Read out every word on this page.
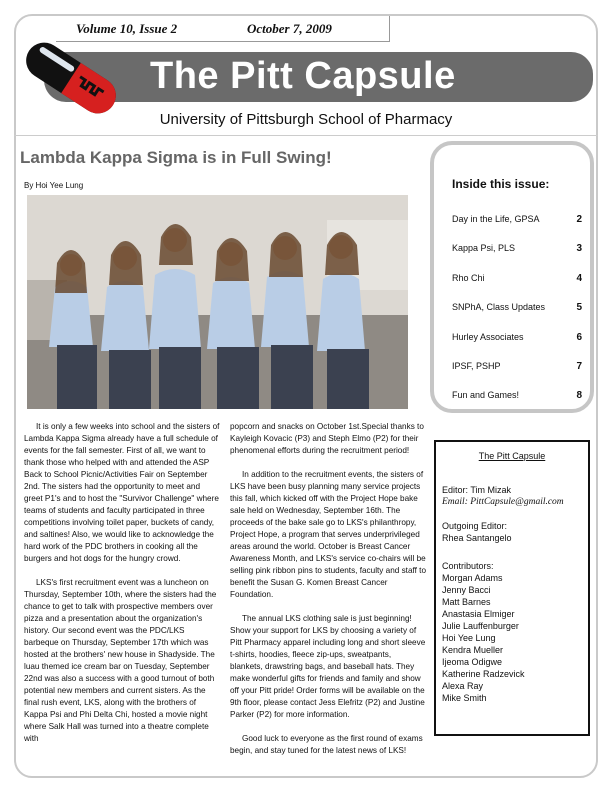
Volume 10, Issue 2	October 7, 2009
The Pitt Capsule
University of Pittsburgh School of Pharmacy
Lambda Kappa Sigma is in Full Swing!
By Hoi Yee Lung

It is only a few weeks into school and the sisters of Lambda Kappa Sigma already have a full schedule of events for the fall semester. First of all, we want to thank those who helped with and attended the ASP Back to School Picnic/Activities Fair on September 2nd. The sisters had the opportunity to meet and greet P1's and to host the "Survivor Challenge" where teams of students and faculty participated in three competitions involving toilet paper, buckets of candy, and saltines! Also, we would like to acknowledge the hard work of the PDC brothers in cooking all the burgers and hot dogs for the hungry crowd.

LKS's first recruitment event was a luncheon on Thursday, September 10th, where the sisters had the chance to get to talk with prospective members over pizza and a presentation about the organization's history. Our second event was the PDC/LKS barbeque on Thursday, September 17th which was hosted at the brothers' new house in Shadyside. The luau themed ice cream bar on Tuesday, September 22nd was also a success with a good turnout of both potential new members and current sisters. As the final rush event, LKS, along with the brothers of Kappa Psi and Phi Delta Chi, hosted a movie night where Salk Hall was turned into a theatre complete with

popcorn and snacks on October 1st.Special thanks to Kayleigh Kovacic (P3) and Steph Elmo (P2) for their phenomenal efforts during the recruitment period!

In addition to the recruitment events, the sisters of LKS have been busy planning many service projects this fall, which kicked off with the Project Hope bake sale held on Wednesday, September 16th. The proceeds of the bake sale go to LKS's philanthropy, Project Hope, a program that serves underprivileged areas around the world. October is Breast Cancer Awareness Month, and LKS's service co-chairs will be selling pink ribbon pins to students, faculty and staff to benefit the Susan G. Komen Breast Cancer Foundation.

The annual LKS clothing sale is just beginning! Show your support for LKS by choosing a variety of Pitt Pharmacy apparel including long and short sleeve t-shirts, hoodies, fleece zip-ups, sweatpants, blankets, drawstring bags, and baseball hats. They make wonderful gifts for friends and family and show off your Pitt pride! Order forms will be available on the 9th floor, please contact Jess Elefritz (P2) and Justine Parker (P2) for more information.

Good luck to everyone as the first round of exams begin, and stay tuned for the latest news of LKS!

Inside this issue:
Day in the Life, GPSA	2
Kappa Psi, PLS	3
Rho Chi	4
SNPhA, Class Updates	5
Hurley Associates	6
IPSF, PSHP	7
Fun and Games!	8
The Pitt Capsule
Editor: Tim Mizak
Email: PittCapsule@gmail.com
Outgoing Editor:
Rhea Santangelo
Contributors:
Morgan Adams
Jenny Bacci
Matt Barnes
Anastasia Elmiger
Julie Lauffenburger
Hoi Yee Lung
Kendra Mueller
Ijeoma Odigwe
Katherine Radzevick
Alexa Ray
Mike Smith
